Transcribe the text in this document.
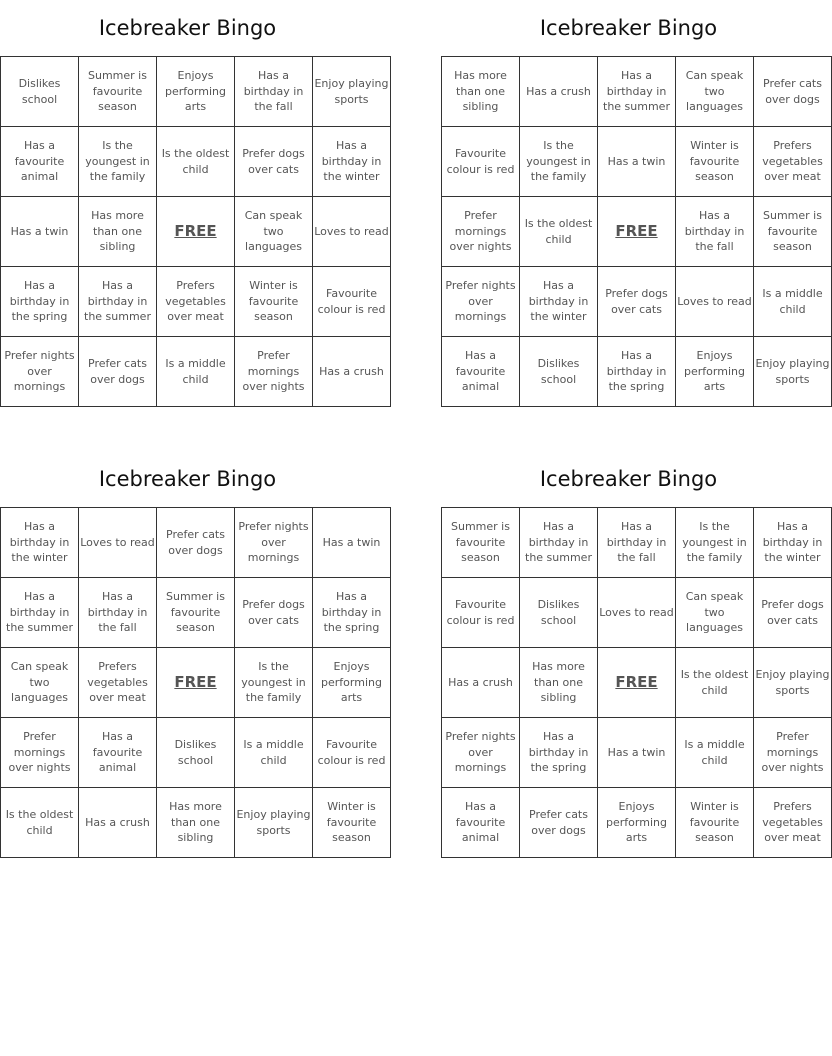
Icebreaker Bingo
Dislikes school	Summer is favourite season	Enjoys performing arts	Has a birthday in the fall	Enjoy playing sports
Has a favourite animal	Is the youngest in the family	Is the oldest child	Prefer dogs over cats	Has a birthday in the winter
Has a twin	Has more than one sibling	FREE	Can speak two languages	Loves to read
Has a birthday in the spring	Has a birthday in the summer	Prefers vegetables over meat	Winter is favourite season	Favourite colour is red
Prefer nights over mornings	Prefer cats over dogs	Is a middle child	Prefer mornings over nights	Has a crush
Icebreaker Bingo
Has more than one sibling	Has a crush	Has a birthday in the summer	Can speak two languages	Prefer cats over dogs
Favourite colour is red	Is the youngest in the family	Has a twin	Winter is favourite season	Prefers vegetables over meat
Prefer mornings over nights	Is the oldest child	FREE	Has a birthday in the fall	Summer is favourite season
Prefer nights over mornings	Has a birthday in the winter	Prefer dogs over cats	Loves to read	Is a middle child
Has a favourite animal	Dislikes school	Has a birthday in the spring	Enjoys performing arts	Enjoy playing sports
Icebreaker Bingo
Has a birthday in the winter	Loves to read	Prefer cats over dogs	Prefer nights over mornings	Has a twin
Has a birthday in the summer	Has a birthday in the fall	Summer is favourite season	Prefer dogs over cats	Has a birthday in the spring
Can speak two languages	Prefers vegetables over meat	FREE	Is the youngest in the family	Enjoys performing arts
Prefer mornings over nights	Has a favourite animal	Dislikes school	Is a middle child	Favourite colour is red
Is the oldest child	Has a crush	Has more than one sibling	Enjoy playing sports	Winter is favourite season
Icebreaker Bingo
Summer is favourite season	Has a birthday in the summer	Has a birthday in the fall	Is the youngest in the family	Has a birthday in the winter
Favourite colour is red	Dislikes school	Loves to read	Can speak two languages	Prefer dogs over cats
Has a crush	Has more than one sibling	FREE	Is the oldest child	Enjoy playing sports
Prefer nights over mornings	Has a birthday in the spring	Has a twin	Is a middle child	Prefer mornings over nights
Has a favourite animal	Prefer cats over dogs	Enjoys performing arts	Winter is favourite season	Prefers vegetables over meat
